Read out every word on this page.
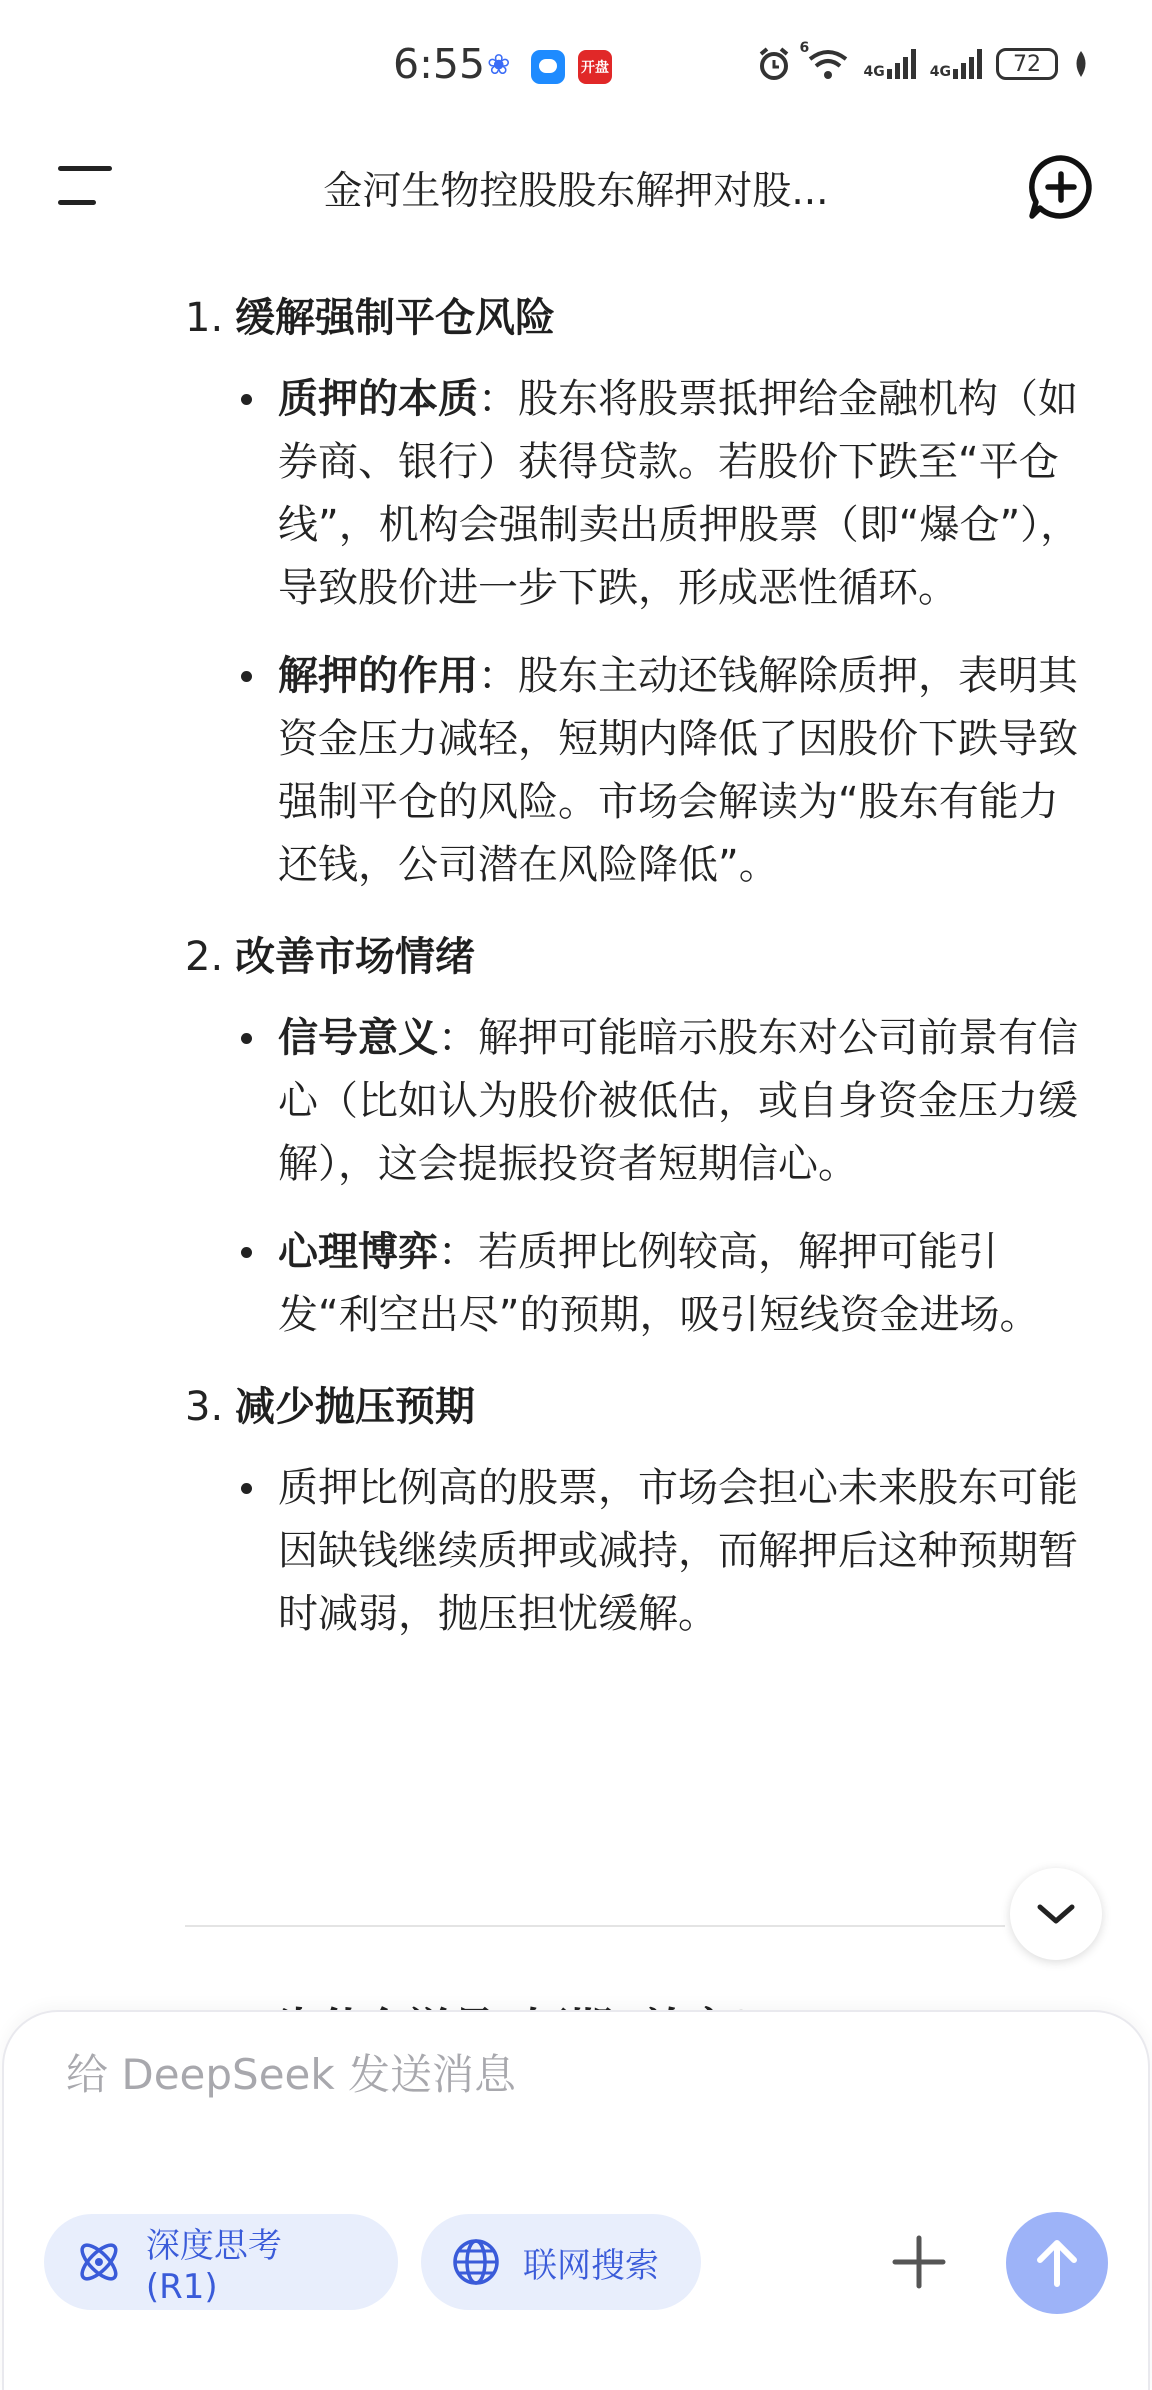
6:55 ❀	开盘
6
4G	4G	72
金河生物控股股东解押对股...
1. 缓解强制平仓风险
质押的本质：股东将股票抵押给金融机构（如券商、银行）获得贷款。若股价下跌至“平仓线”，机构会强制卖出质押股票（即“爆仓”），导致股价进一步下跌，形成恶性循环。
解押的作用：股东主动还钱解除质押，表明其资金压力减轻，短期内降低了因股价下跌导致强制平仓的风险。市场会解读为“股东有能力还钱，公司潜在风险降低”。
2. 改善市场情绪
信号意义：解押可能暗示股东对公司前景有信心（比如认为股价被低估，或自身资金压力缓解），这会提振投资者短期信心。
心理博弈：若质押比例较高，解押可能引发“利空出尽”的预期，吸引短线资金进场。
3. 减少抛压预期
质押比例高的股票，市场会担心未来股东可能因缺钱继续质押或减持，而解押后这种预期暂时减弱，抛压担忧缓解。
给 DeepSeek 发送消息
深度思考 (R1)
联网搜索
